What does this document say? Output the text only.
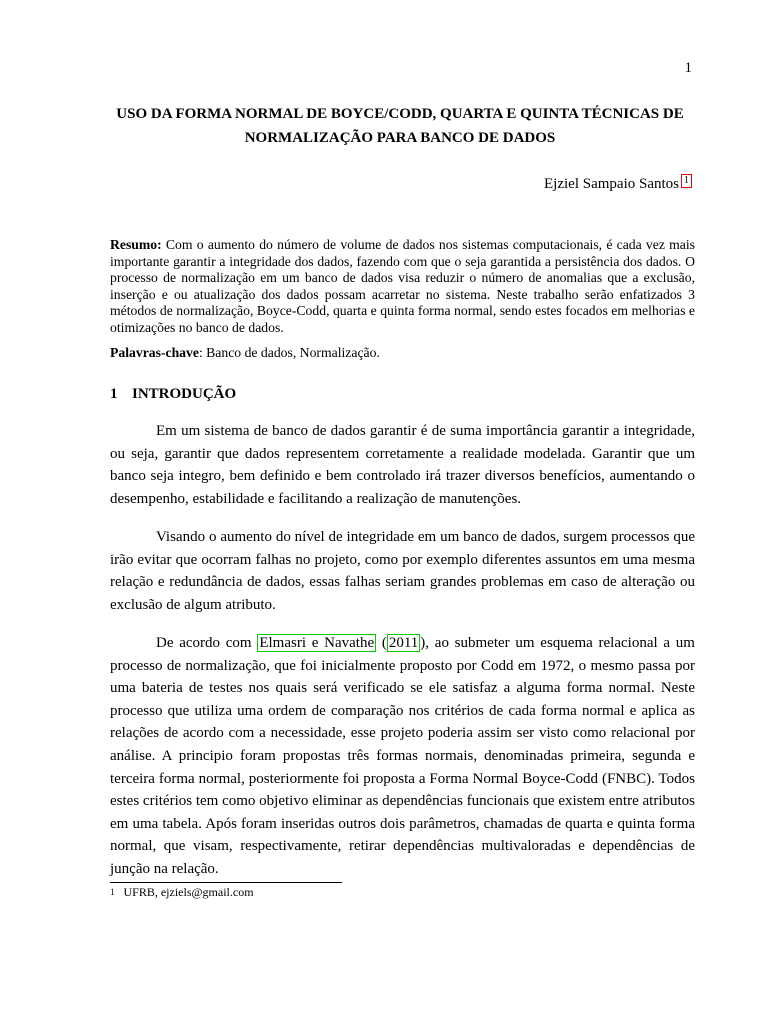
1
USO DA FORMA NORMAL DE BOYCE/CODD, QUARTA E QUINTA TÉCNICAS DE NORMALIZAÇÃO PARA BANCO DE DADOS
Ejziel Sampaio Santos 1
Resumo: Com o aumento do número de volume de dados nos sistemas computacionais, é cada vez mais importante garantir a integridade dos dados, fazendo com que o seja garantida a persistência dos dados. O processo de normalização em um banco de dados visa reduzir o número de anomalias que a exclusão, inserção e ou atualização dos dados possam acarretar no sistema. Neste trabalho serão enfatizados 3 métodos de normalização, Boyce-Codd, quarta e quinta forma normal, sendo estes focados em melhorias e otimizações no banco de dados.
Palavras-chave: Banco de dados, Normalização.
1 INTRODUÇÃO
Em um sistema de banco de dados garantir é de suma importância garantir a integridade, ou seja, garantir que dados representem corretamente a realidade modelada. Garantir que um banco seja integro, bem definido e bem controlado irá trazer diversos benefícios, aumentando o desempenho, estabilidade e facilitando a realização de manutenções.
Visando o aumento do nível de integridade em um banco de dados, surgem processos que irão evitar que ocorram falhas no projeto, como por exemplo diferentes assuntos em uma mesma relação e redundância de dados, essas falhas seriam grandes problemas em caso de alteração ou exclusão de algum atributo.
De acordo com Elmasri e Navathe ( 2011 ), ao submeter um esquema relacional a um processo de normalização, que foi inicialmente proposto por Codd em 1972, o mesmo passa por uma bateria de testes nos quais será verificado se ele satisfaz a alguma forma normal. Neste processo que utiliza uma ordem de comparação nos critérios de cada forma normal e aplica as relações de acordo com a necessidade, esse projeto poderia assim ser visto como relacional por análise. A principio foram propostas três formas normais, denominadas primeira, segunda e terceira forma normal, posteriormente foi proposta a Forma Normal Boyce-Codd (FNBC). Todos estes critérios tem como objetivo eliminar as dependências funcionais que existem entre atributos em uma tabela. Após foram inseridas outros dois parâmetros, chamadas de quarta e quinta forma normal, que visam, respectivamente, retirar dependências multivaloradas e dependências de junção na relação.
$^1$ UFRB, ejziels@gmail.com
